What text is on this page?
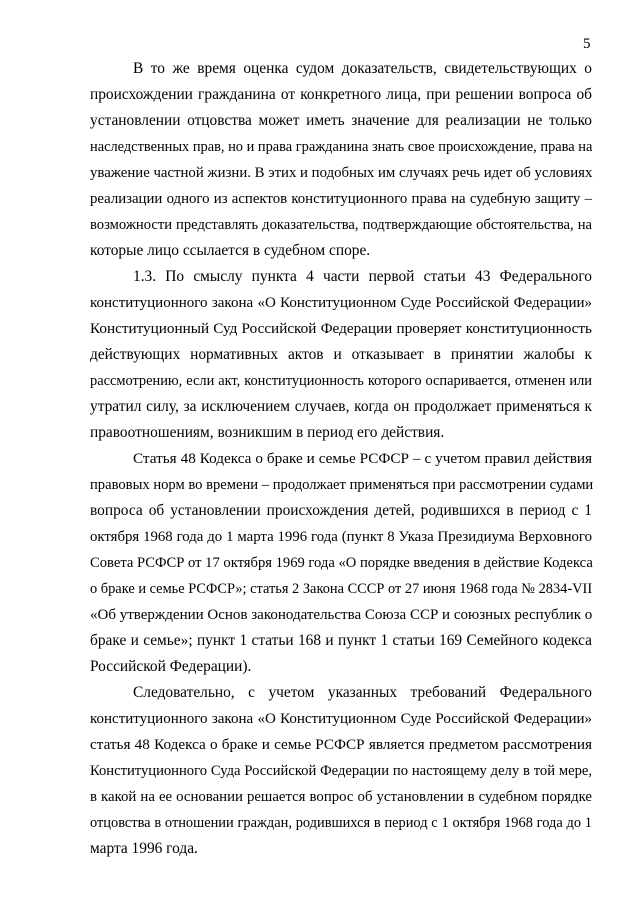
5
В то же время оценка судом доказательств, свидетельствующих о
происхождении гражданина от конкретного лица, при решении вопроса об
установлении отцовства может иметь значение для реализации не только
наследственных прав, но и права гражданина знать свое происхождение, права на
уважение частной жизни. В этих и подобных им случаях речь идет об условиях
реализации одного из аспектов конституционного права на судебную защиту –
возможности представлять доказательства, подтверждающие обстоятельства, на
которые лицо ссылается в судебном споре.
1.3. По смыслу пункта 4 части первой статьи 43 Федерального
конституционного закона «О Конституционном Суде Российской Федерации»
Конституционный Суд Российской Федерации проверяет конституционность
действующих нормативных актов и отказывает в принятии жалобы к
рассмотрению, если акт, конституционность которого оспаривается, отменен или
утратил силу, за исключением случаев, когда он продолжает применяться к
правоотношениям, возникшим в период его действия.
Статья 48 Кодекса о браке и семье РСФСР – с учетом правил действия
правовых норм во времени – продолжает применяться при рассмотрении судами
вопроса об установлении происхождения детей, родившихся в период с 1
октября 1968 года до 1 марта 1996 года (пункт 8 Указа Президиума Верховного
Совета РСФСР от 17 октября 1969 года «О порядке введения в действие Кодекса
о браке и семье РСФСР»; статья 2 Закона СССР от 27 июня 1968 года № 2834-VII
«Об утверждении Основ законодательства Союза ССР и союзных республик о
браке и семье»; пункт 1 статьи 168 и пункт 1 статьи 169 Семейного кодекса
Российской Федерации).
Следовательно, с учетом указанных требований Федерального
конституционного закона «О Конституционном Суде Российской Федерации»
статья 48 Кодекса о браке и семье РСФСР является предметом рассмотрения
Конституционного Суда Российской Федерации по настоящему делу в той мере,
в какой на ее основании решается вопрос об установлении в судебном порядке
отцовства в отношении граждан, родившихся в период с 1 октября 1968 года до 1
марта 1996 года.
